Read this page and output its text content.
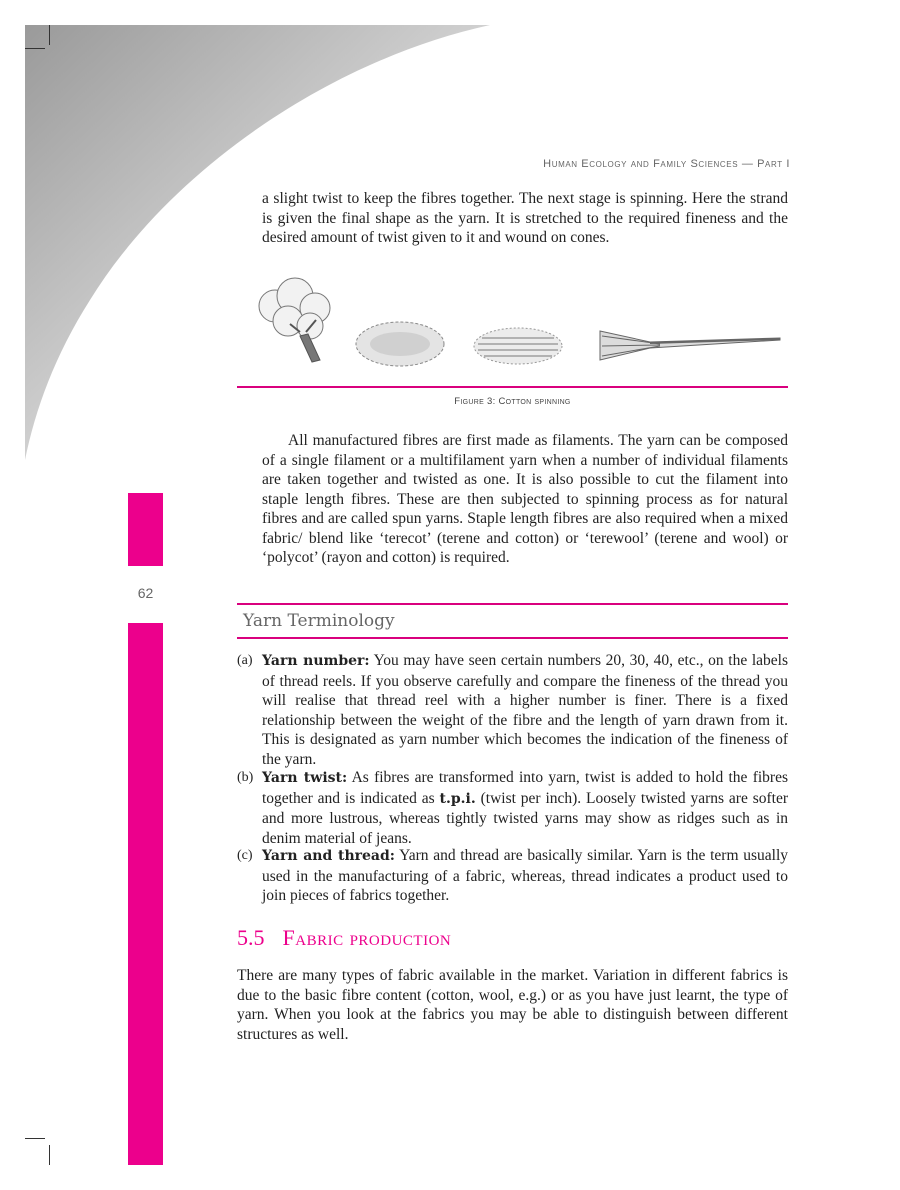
Human Ecology and Family Sciences — Part I

a slight twist to keep the fibres together. The next stage is spinning. Here the strand is given the final shape as the yarn. It is stretched to the required fineness and the desired amount of twist given to it and wound on cones.

Figure 3: Cotton spinning

All manufactured fibres are first made as filaments. The yarn can be composed of a single filament or a multifilament yarn when a number of individual filaments are taken together and twisted as one. It is also possible to cut the filament into staple length fibres. These are then subjected to spinning process as for natural fibres and are called spun yarns. Staple length fibres are also required when a mixed fabric/ blend like ‘terecot’ (terene and cotton) or ‘terewool’ (terene and wool) or ‘polycot’ (rayon and cotton) is required.

62
Yarn Terminology
(a) Yarn number: You may have seen certain numbers 20, 30, 40, etc., on the labels of thread reels. If you observe carefully and compare the fineness of the thread you will realise that thread reel with a higher number is finer. There is a fixed relationship between the weight of the fibre and the length of yarn drawn from it. This is designated as yarn number which becomes the indication of the fineness of the yarn.
(b) Yarn twist: As fibres are transformed into yarn, twist is added to hold the fibres together and is indicated as t.p.i. (twist per inch). Loosely twisted yarns are softer and more lustrous, whereas tightly twisted yarns may show as ridges such as in denim material of jeans.
(c) Yarn and thread: Yarn and thread are basically similar. Yarn is the term usually used in the manufacturing of a fabric, whereas, thread indicates a product used to join pieces of fabrics together.
5.5 Fabric production

There are many types of fabric available in the market. Variation in different fabrics is due to the basic fibre content (cotton, wool, e.g.) or as you have just learnt, the type of yarn. When you look at the fabrics you may be able to distinguish between different structures as well.
